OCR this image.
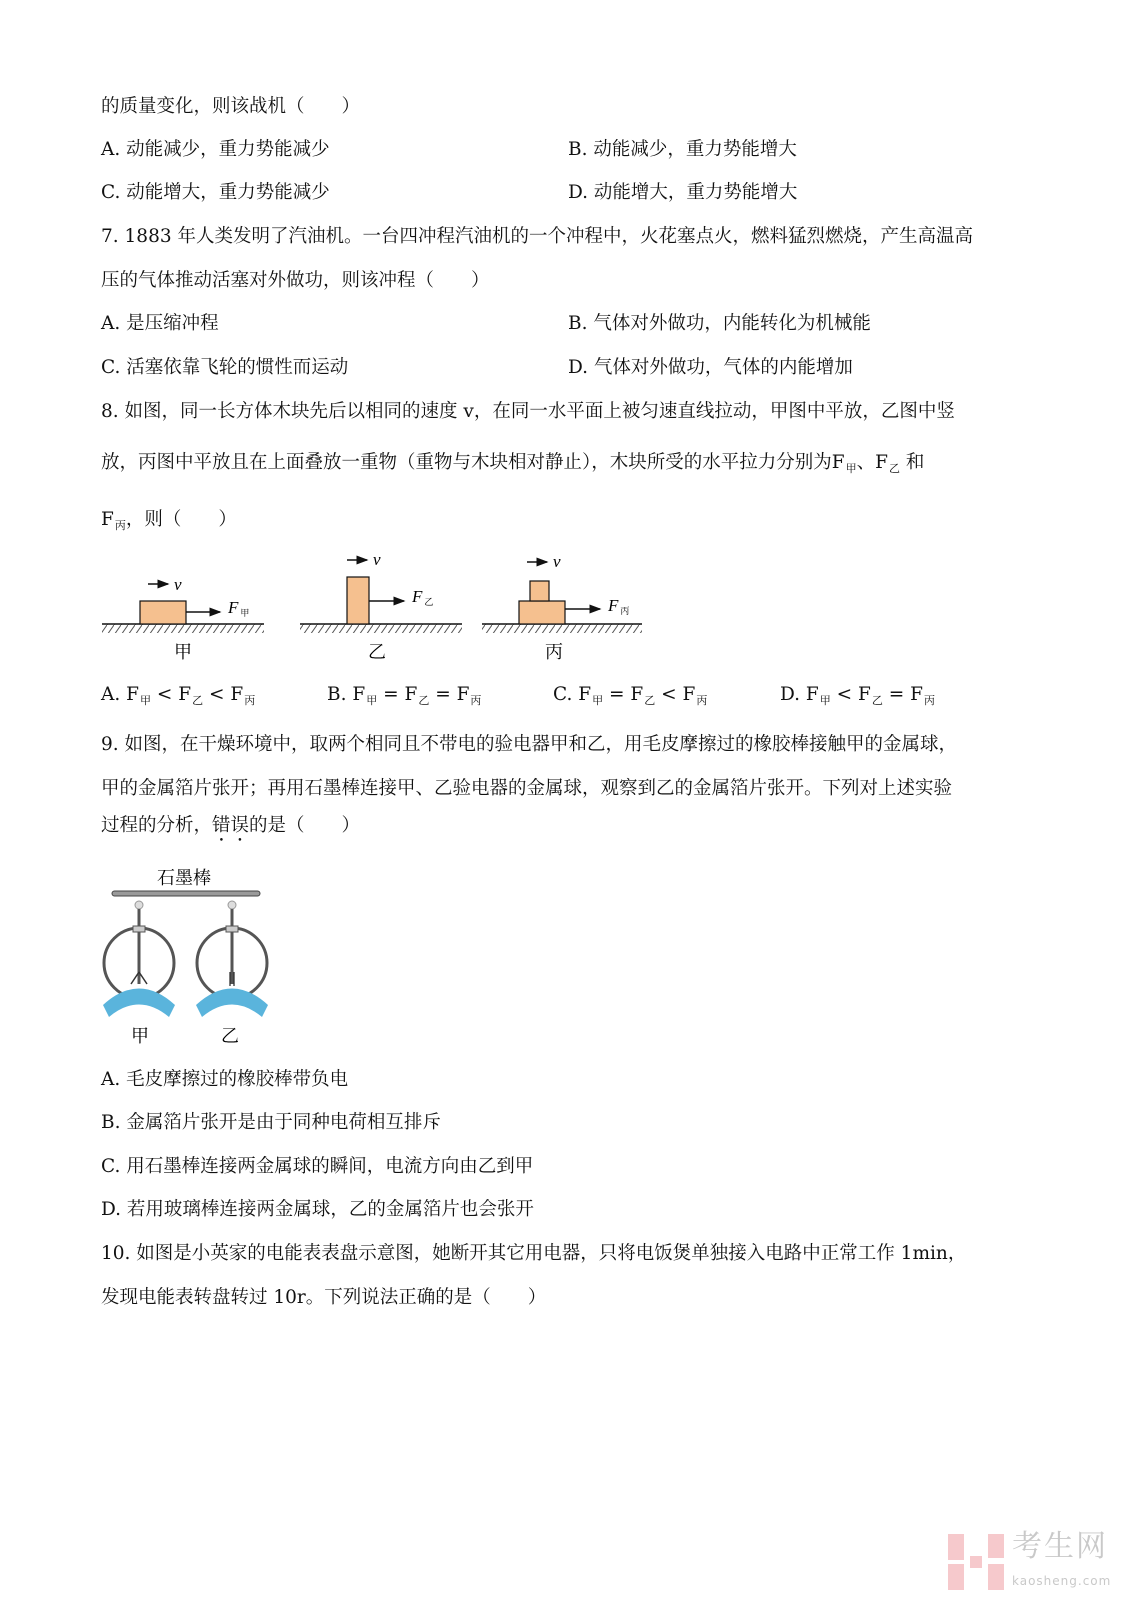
的质量变化，则该战机（　　）
A. 动能减少，重力势能减少	B. 动能减少，重力势能增大
C. 动能增大，重力势能减少	D. 动能增大，重力势能增大
7. 1883 年人类发明了汽油机。一台四冲程汽油机的一个冲程中，火花塞点火，燃料猛烈燃烧，产生高温高
压的气体推动活塞对外做功，则该冲程（　　）
A. 是压缩冲程	B. 气体对外做功，内能转化为机械能
C. 活塞依靠飞轮的惯性而运动	D. 气体对外做功，气体的内能增加
8. 如图，同一长方体木块先后以相同的速度 v，在同一水平面上被匀速直线拉动，甲图中平放，乙图中竖
放，丙图中平放且在上面叠放一重物（重物与木块相对静止），木块所受的水平拉力分别为$F_甲$、$F_乙$ 和
$F_丙$，则（　　）
v
F甲
甲
v
F乙
乙
v
F丙
丙
A. $F_甲 < F_乙 < F_丙$	B. $F_甲 = F_乙 = F_丙$	C. $F_甲 = F_乙 < F_丙$	D. $F_甲 < F_乙 = F_丙$
9. 如图，在干燥环境中，取两个相同且不带电的验电器甲和乙，用毛皮摩擦过的橡胶棒接触甲的金属球，
甲的金属箔片张开；再用石墨棒连接甲、乙验电器的金属球，观察到乙的金属箔片张开。下列对上述实验
过程的分析，错误的是（　　）
石墨棒
甲	乙
A. 毛皮摩擦过的橡胶棒带负电
B. 金属箔片张开是由于同种电荷相互排斥
C. 用石墨棒连接两金属球的瞬间，电流方向由乙到甲
D. 若用玻璃棒连接两金属球，乙的金属箔片也会张开
10. 如图是小英家的电能表表盘示意图，她断开其它用电器，只将电饭煲单独接入电路中正常工作 1min，
发现电能表转盘转过 10r。下列说法正确的是（　　）
考生网
kaosheng.com
